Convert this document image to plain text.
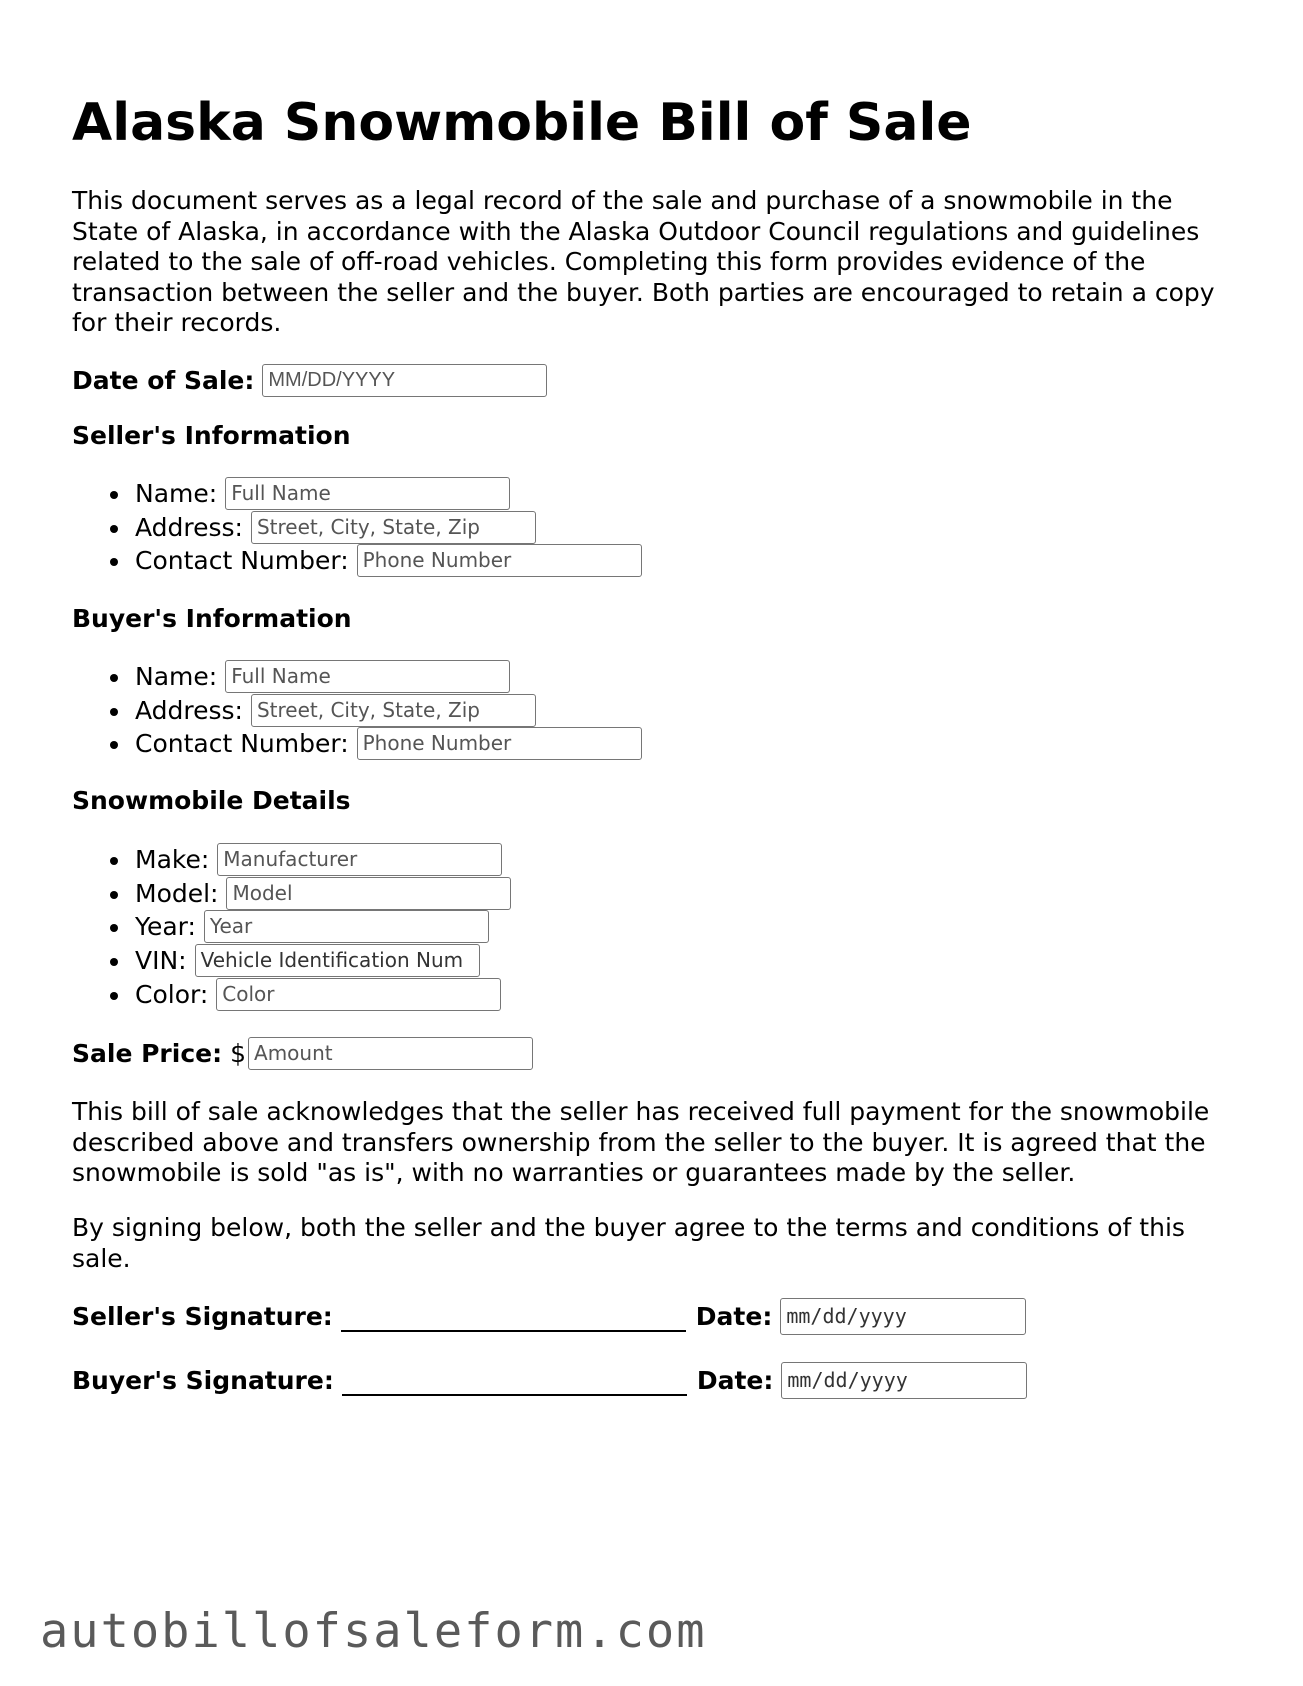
Alaska Snowmobile Bill of Sale

This document serves as a legal record of the sale and purchase of a snowmobile in the State of Alaska, in accordance with the Alaska Outdoor Council regulations and guidelines related to the sale of off-road vehicles. Completing this form provides evidence of the transaction between the seller and the buyer. Both parties are encouraged to retain a copy for their records.

Date of Sale: MM/DD/YYYY
Seller's Information
Name: Full Name
Address: Street, City, State, Zip
Contact Number: Phone Number
Buyer's Information
Name: Full Name
Address: Street, City, State, Zip
Contact Number: Phone Number
Snowmobile Details
Make: Manufacturer
Model: Model
Year: Year
VIN: Vehicle Identification Num
Color: Color
Sale Price: $ Amount

This bill of sale acknowledges that the seller has received full payment for the snowmobile described above and transfers ownership from the seller to the buyer. It is agreed that the snowmobile is sold "as is", with no warranties or guarantees made by the seller.

By signing below, both the seller and the buyer agree to the terms and conditions of this sale.

Seller's Signature:	Date: mm/dd/yyyy
Buyer's Signature:	Date: mm/dd/yyyy
autobillofsaleform.com
